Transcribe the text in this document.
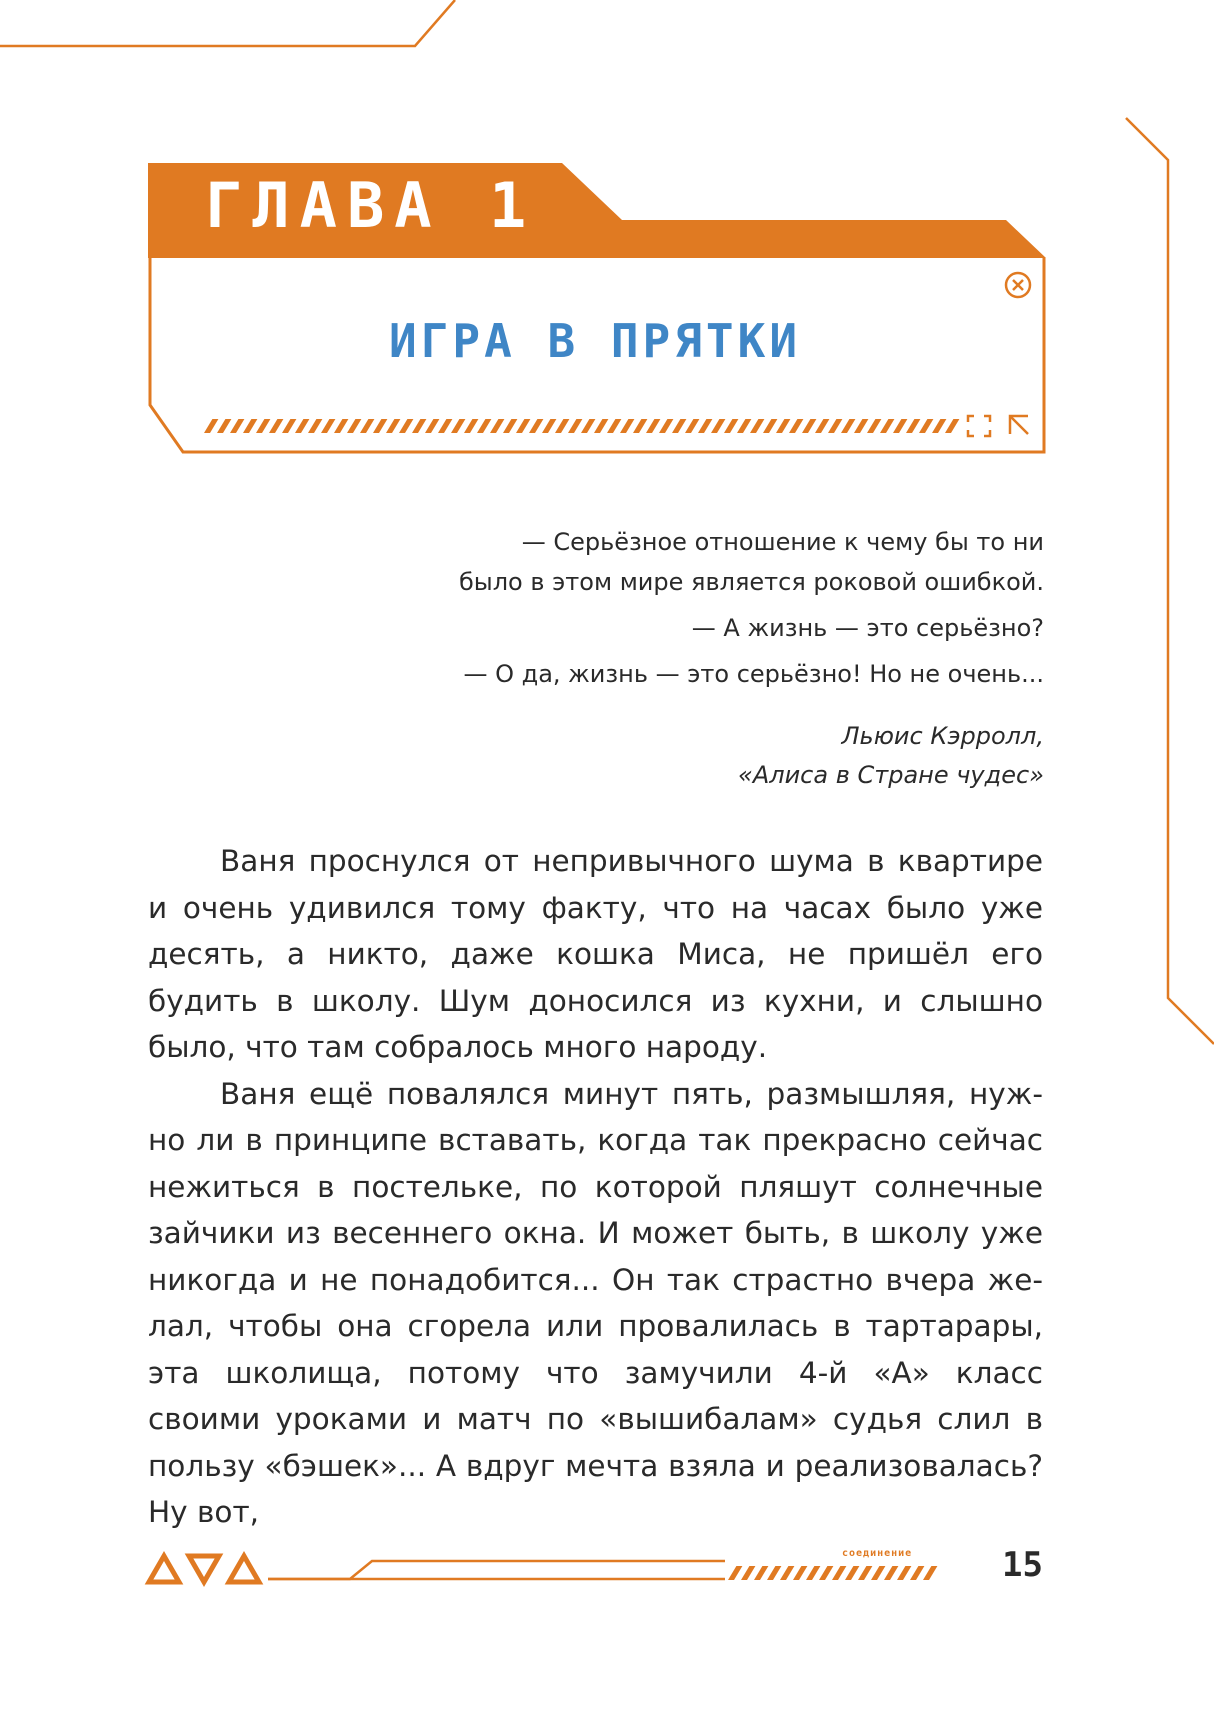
ГЛАВА 1
ИГРА В ПРЯТКИ

— Серьёзное отношение к чему бы то ни

было в этом мире является роковой ошибкой.

— А жизнь — это серьёзно?

— О да, жизнь — это серьёзно! Но не очень...

Льюис Кэрролл,
«Алиса в Стране чудес»

Ваня проснулся от непривычного шума в квартире и очень удивился тому факту, что на часах было уже десять, а никто, даже кошка Миса, не пришёл его будить в школу. Шум доносился из кухни, и слышно было, что там собралось много народу.

Ваня ещё повалялся минут пять, размышляя, нужно ли в принципе вставать, когда так прекрасно сейчас нежиться в постельке, по которой пляшут солнечные зайчики из весеннего окна. И может быть, в школу уже никогда и не понадобится... Он так страстно вчера желал, чтобы она сгорела или провалилась в тартарары, эта школища, потому что замучили 4-й «А» класс своими уроками и матч по «вышибалам» судья слил в пользу «бэшек»... А вдруг мечта взяла и реализовалась? Ну вот,

соединение	15
